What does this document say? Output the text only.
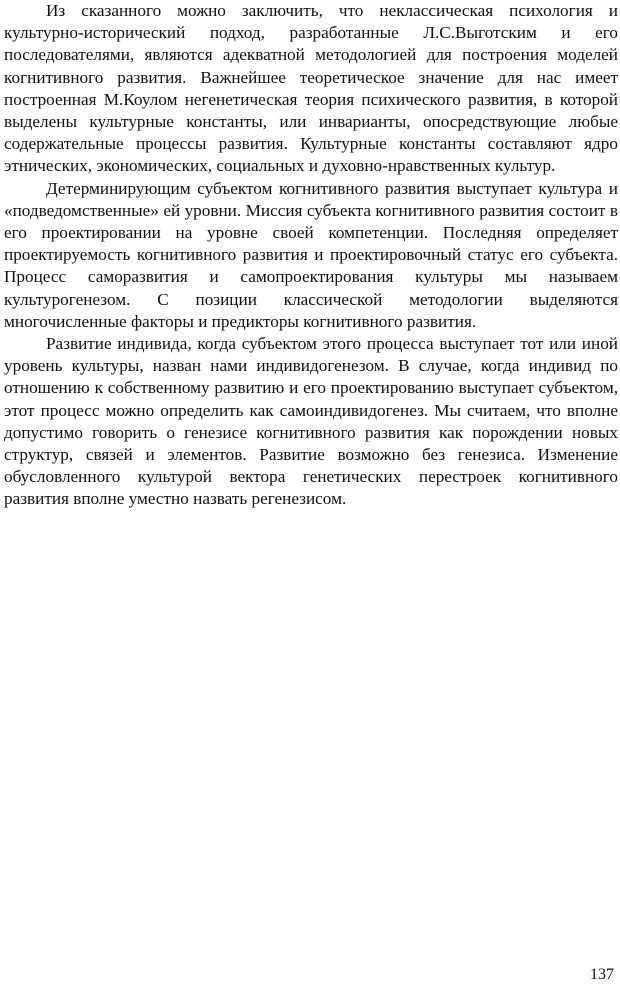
Из сказанного можно заключить, что неклассическая психология и культурно-исторический подход, разработанные Л.С.Выготским и его последователями, являются адекватной методологией для построения моделей когнитивного развития. Важнейшее теоретическое значение для нас имеет построенная М.Коулом негенетическая теория психического развития, в которой выделены культурные константы, или инварианты, опосредствующие любые содержательные процессы развития. Культурные константы составляют ядро этнических, экономических, социальных и духовно-нравственных культур.

Детерминирующим субъектом когнитивного развития выступает культура и «подведомственные» ей уровни. Миссия субъекта когнитивного развития состоит в его проектировании на уровне своей компетенции. Последняя определяет проектируемость когнитивного развития и проектировочный статус его субъекта. Процесс саморазвития и самопроектирования культуры мы называем культурогенезом. С позиции классической методологии выделяются многочисленные факторы и предикторы когнитивного развития.

Развитие индивида, когда субъектом этого процесса выступает тот или иной уровень культуры, назван нами индивидогенезом. В случае, когда индивид по отношению к собственному развитию и его проектированию выступает субъектом, этот процесс можно определить как самоиндивидогенез. Мы считаем, что вполне допустимо говорить о генезисе когнитивного развития как порождении новых структур, связей и элементов. Развитие возможно без генезиса. Изменение обусловленного культурой вектора генетических перестроек когнитивного развития вполне уместно назвать регенезисом.

137
